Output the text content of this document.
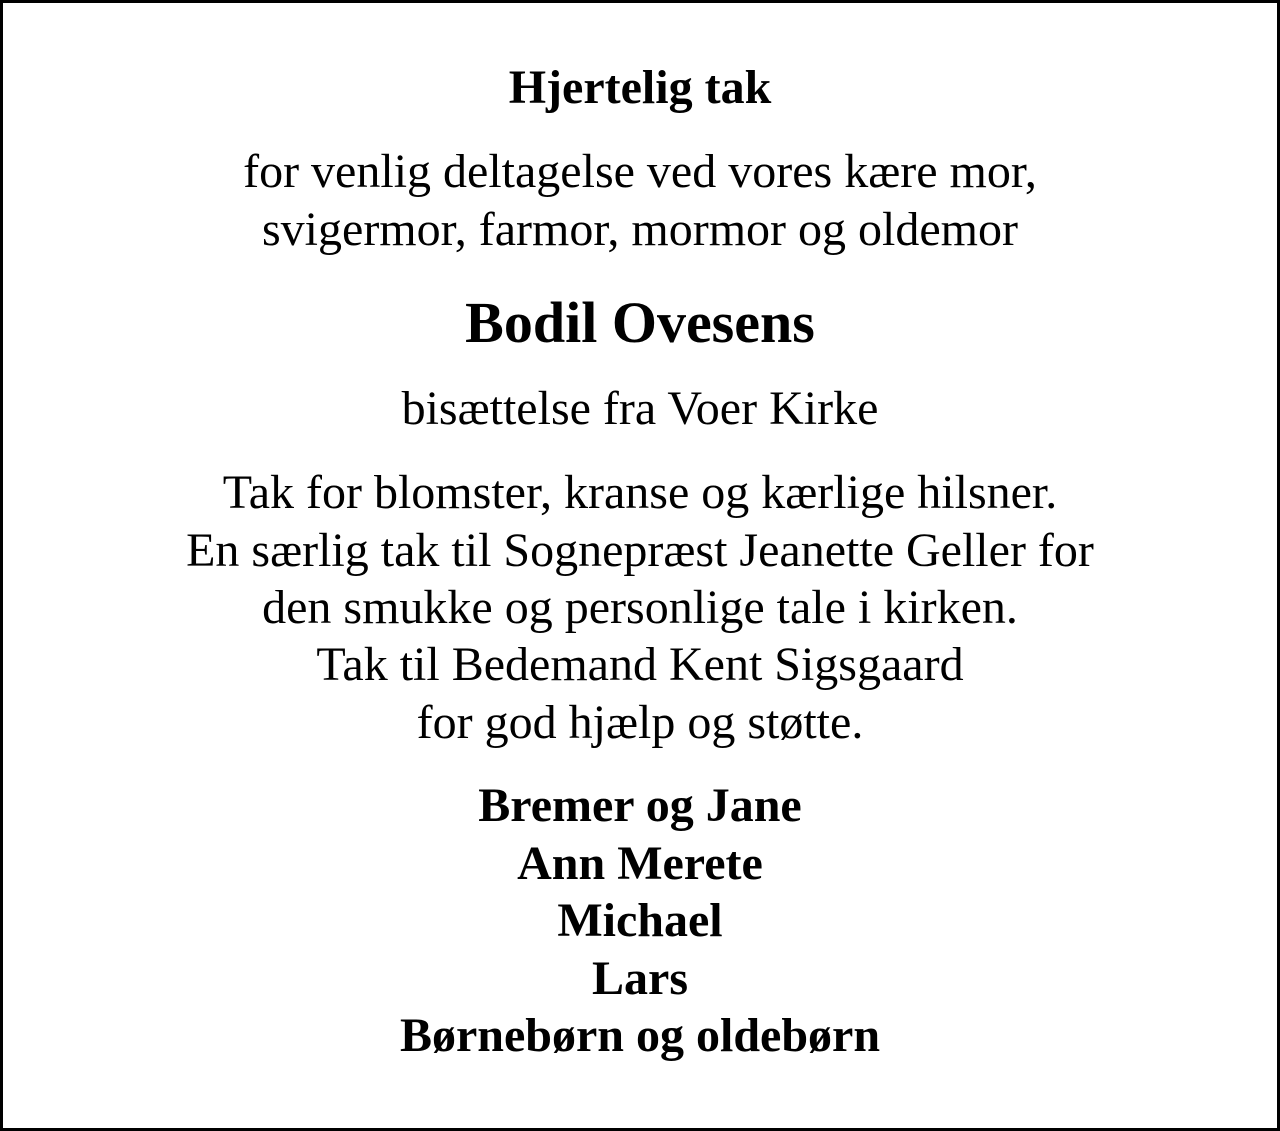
Hjertelig tak
for venlig deltagelse ved vores kære mor,
svigermor, farmor, mormor og oldemor
Bodil Ovesens
bisættelse fra Voer Kirke
Tak for blomster, kranse og kærlige hilsner.
En særlig tak til Sognepræst Jeanette Geller for
den smukke og personlige tale i kirken.
Tak til Bedemand Kent Sigsgaard
for god hjælp og støtte.
Bremer og Jane
Ann Merete
Michael
Lars
Børnebørn og oldebørn
